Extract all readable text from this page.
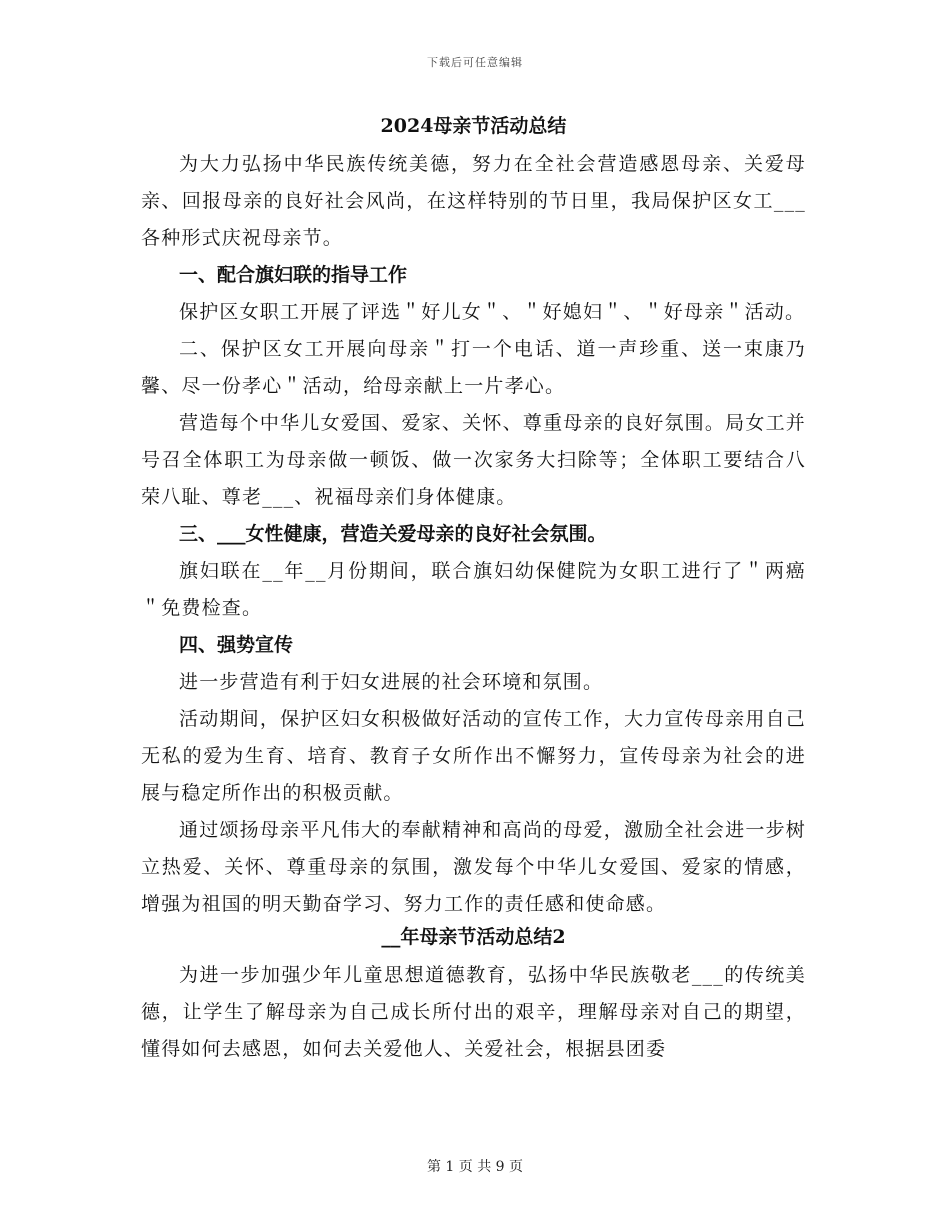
下载后可任意编辑
2024母亲节活动总结

为大力弘扬中华民族传统美德，努力在全社会营造感恩母亲、关爱母亲、回报母亲的良好社会风尚，在这样特别的节日里，我局保护区女工___各种形式庆祝母亲节。

一、配合旗妇联的指导工作

保护区女职工开展了评选＂好儿女＂、＂好媳妇＂、＂好母亲＂活动。

二、保护区女工开展向母亲＂打一个电话、道一声珍重、送一束康乃馨、尽一份孝心＂活动，给母亲献上一片孝心。

营造每个中华儿女爱国、爱家、关怀、尊重母亲的良好氛围。局女工并号召全体职工为母亲做一顿饭、做一次家务大扫除等；全体职工要结合八荣八耻、尊老___、祝福母亲们身体健康。

三、___女性健康，营造关爱母亲的良好社会氛围。

旗妇联在__年__月份期间，联合旗妇幼保健院为女职工进行了＂两癌＂免费检查。

四、强势宣传

进一步营造有利于妇女进展的社会环境和氛围。

活动期间，保护区妇女积极做好活动的宣传工作，大力宣传母亲用自己无私的爱为生育、培育、教育子女所作出不懈努力，宣传母亲为社会的进展与稳定所作出的积极贡献。

通过颂扬母亲平凡伟大的奉献精神和高尚的母爱，激励全社会进一步树立热爱、关怀、尊重母亲的氛围，激发每个中华儿女爱国、爱家的情感，增强为祖国的明天勤奋学习、努力工作的责任感和使命感。

__年母亲节活动总结2

为进一步加强少年儿童思想道德教育，弘扬中华民族敬老___的传统美德，让学生了解母亲为自己成长所付出的艰辛，理解母亲对自己的期望，懂得如何去感恩，如何去关爱他人、关爱社会，根据县团委

第 1 页 共 9 页
